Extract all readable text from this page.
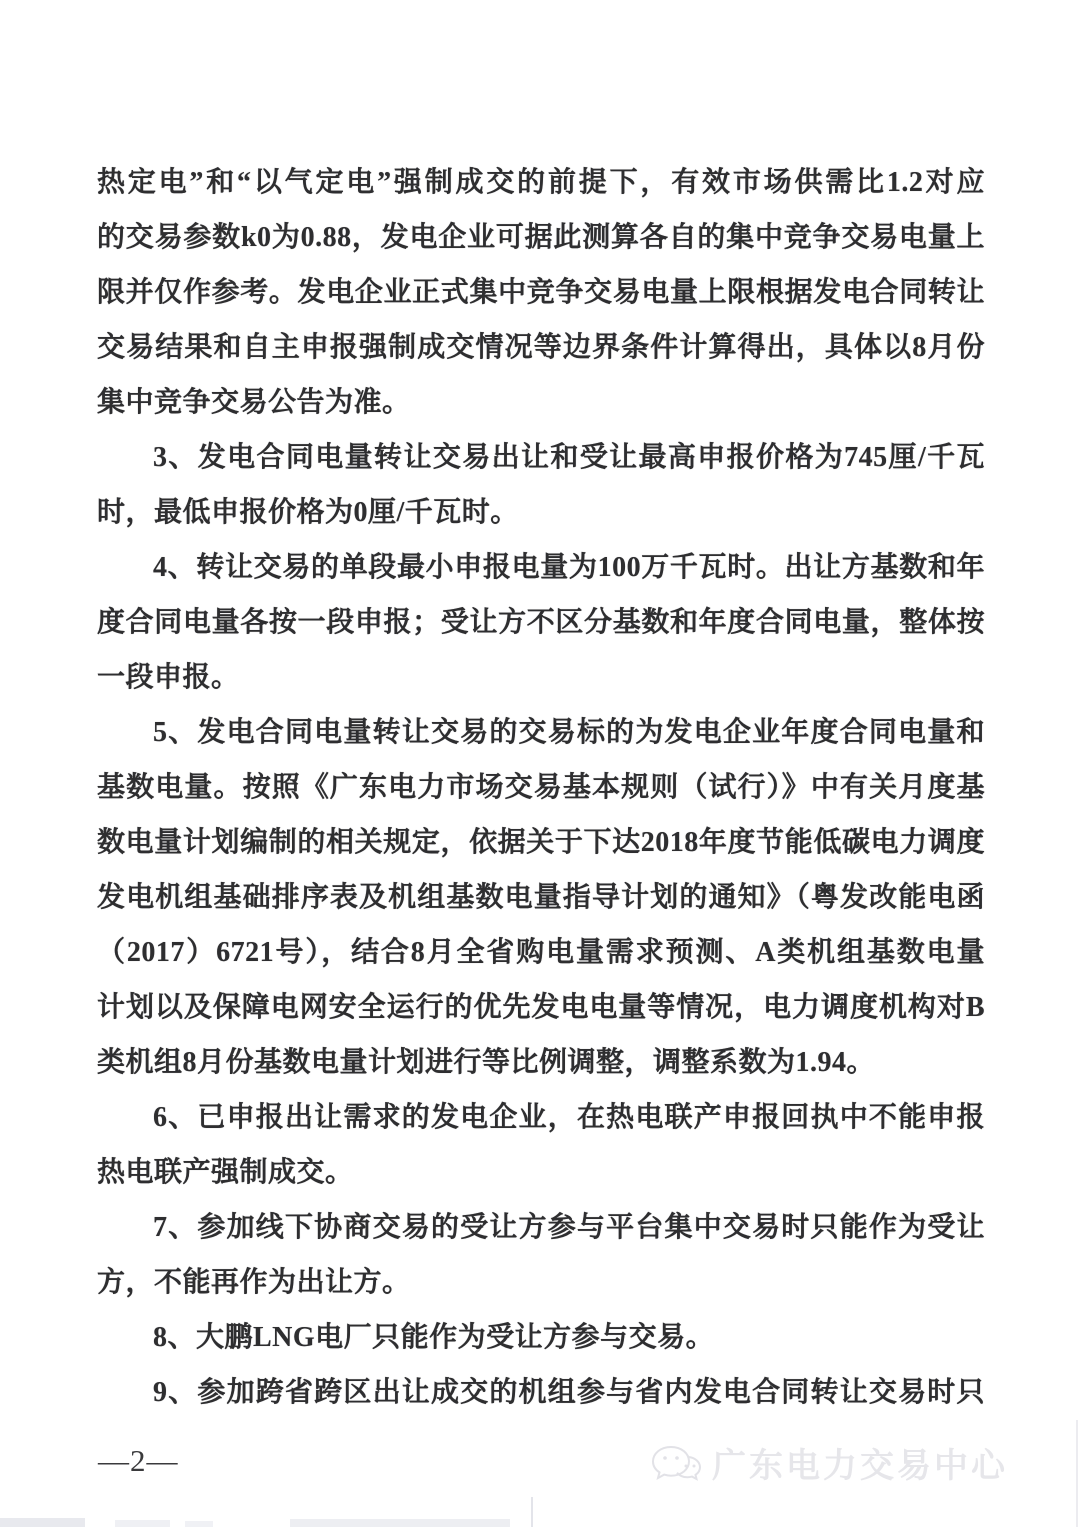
热定电”和“以气定电”强制成交的前提下，有效市场供需比1.2对应
的交易参数k0为0.88，发电企业可据此测算各自的集中竞争交易电量上
限并仅作参考。发电企业正式集中竞争交易电量上限根据发电合同转让
交易结果和自主申报强制成交情况等边界条件计算得出，具体以8月份
集中竞争交易公告为准。
3、发电合同电量转让交易出让和受让最高申报价格为745厘/千瓦
时，最低申报价格为0厘/千瓦时。
4、转让交易的单段最小申报电量为100万千瓦时。出让方基数和年
度合同电量各按一段申报；受让方不区分基数和年度合同电量，整体按
一段申报。
5、发电合同电量转让交易的交易标的为发电企业年度合同电量和
基数电量。按照《广东电力市场交易基本规则（试行）》中有关月度基
数电量计划编制的相关规定，依据关于下达2018年度节能低碳电力调度
发电机组基础排序表及机组基数电量指导计划的通知》（粤发改能电函
（2017）6721号），结合8月全省购电量需求预测、A类机组基数电量
计划以及保障电网安全运行的优先发电电量等情况，电力调度机构对B
类机组8月份基数电量计划进行等比例调整，调整系数为1.94。
6、已申报出让需求的发电企业，在热电联产申报回执中不能申报
热电联产强制成交。
7、参加线下协商交易的受让方参与平台集中交易时只能作为受让
方，不能再作为出让方。
8、大鹏LNG电厂只能作为受让方参与交易。
9、参加跨省跨区出让成交的机组参与省内发电合同转让交易时只
—2—	广东电力交易中心
